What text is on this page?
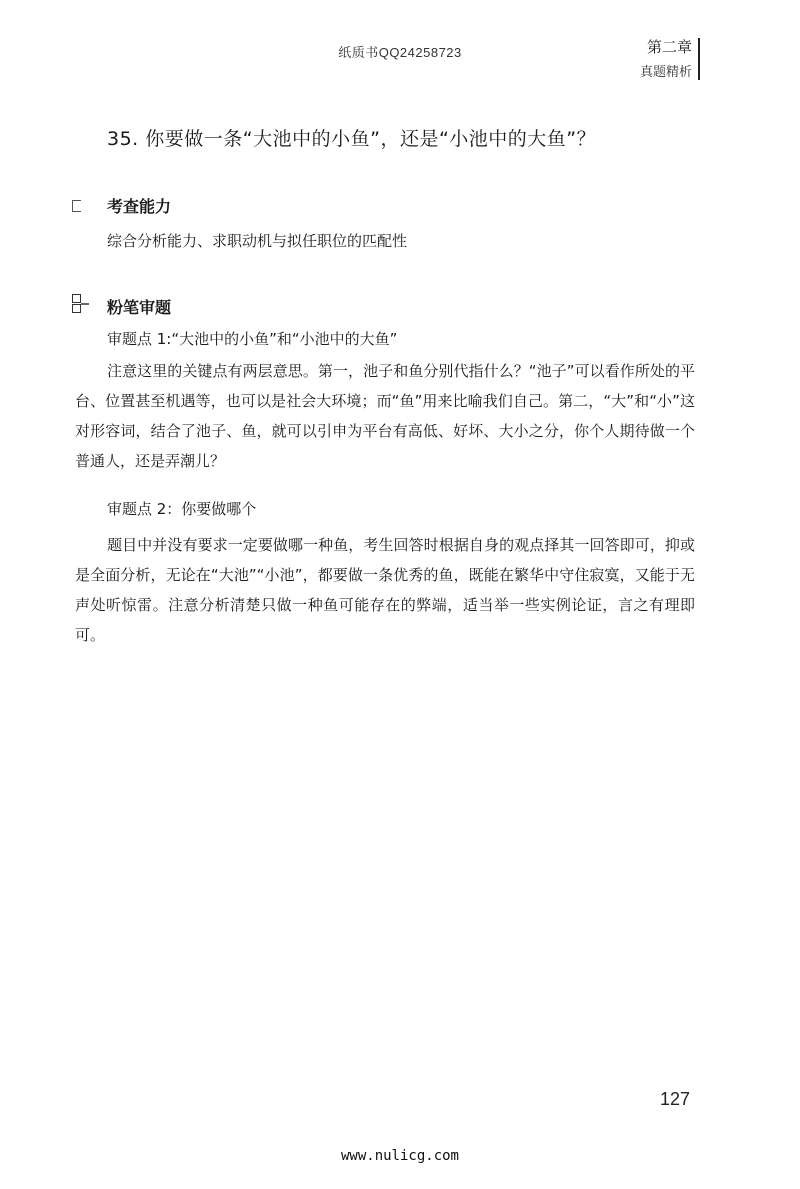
纸质书QQ24258723	第二章
真题精析
35. 你要做一条“大池中的小鱼”，还是“小池中的大鱼”？
考查能力
综合分析能力、求职动机与拟任职位的匹配性
粉笔审题
审题点 1:“大池中的小鱼”和“小池中的大鱼”
注意这里的关键点有两层意思。第一，池子和鱼分别代指什么？“池子”可以看作所处的平台、位置甚至机遇等，也可以是社会大环境；而“鱼”用来比喻我们自己。第二，“大”和“小”这对形容词，结合了池子、鱼，就可以引申为平台有高低、好坏、大小之分，你个人期待做一个普通人，还是弄潮儿？
审题点 2：你要做哪个
题目中并没有要求一定要做哪一种鱼，考生回答时根据自身的观点择其一回答即可，抑或是全面分析，无论在“大池”“小池”，都要做一条优秀的鱼，既能在繁华中守住寂寞，又能于无声处听惊雷。注意分析清楚只做一种鱼可能存在的弊端，适当举一些实例论证，言之有理即可。
127
www.nulicg.com
